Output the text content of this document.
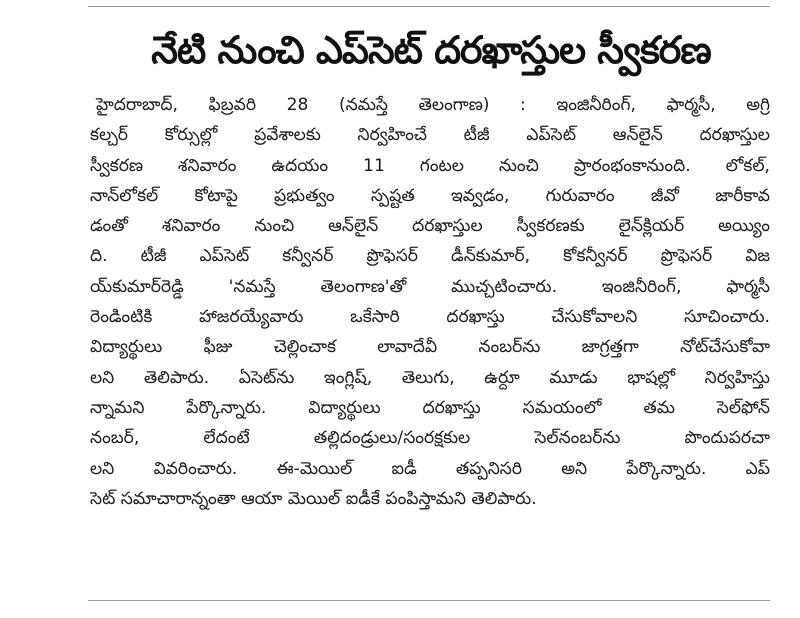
నేటి నుంచి ఎప్‌సెట్ దరఖాస్తుల స్వీకరణ
హైదరాబాద్, ఫిబ్రవరి 28 (నమస్తే తెలంగాణ) : ఇంజినీరింగ్, ఫార్మసీ, అగ్రి
కల్చర్ కోర్సుల్లో ప్రవేశాలకు నిర్వహించే టీజీ ఎప్‌సెట్ ఆన్‌లైన్ దరఖాస్తుల
స్వీకరణ శనివారం ఉదయం 11 గంటల నుంచి ప్రారంభంకానుంది. లోకల్,
నాన్‌లోకల్ కోటాపై ప్రభుత్వం స్పష్టత ఇవ్వడం, గురువారం జీవో జారీకావ
డంతో శనివారం నుంచి ఆన్‌లైన్ దరఖాస్తుల స్వీకరణకు లైన్‌క్లియర్ అయ్యిం
ది. టీజీ ఎప్‌సెట్ కన్వీనర్ ప్రొఫెసర్ డీన్‌కుమార్, కోకన్వీనర్ ప్రొఫెసర్ విజ
య్‌కుమార్‌రెడ్డి 'నమస్తే తెలంగాణ'తో ముచ్చటించారు. ఇంజినీరింగ్, ఫార్మసీ
రెండింటికి హాజరయ్యేవారు ఒకేసారి దరఖాస్తు చేసుకోవాలని సూచించారు.
విద్యార్థులు ఫీజు చెల్లించాక లావాదేవీ నంబర్‌ను జాగ్రత్తగా నోట్‌చేసుకోవా
లని తెలిపారు. ఏసెట్‌ను ఇంగ్లిష్, తెలుగు, ఉర్దూ మూడు భాషల్లో నిర్వహిస్తు
న్నామని పేర్కొన్నారు. విద్యార్థులు దరఖాస్తు సమయంలో తమ సెల్‌ఫోన్
నంబర్, లేదంటే తల్లిదండ్రులు/సంరక్షకుల సెల్‌నంబర్‌ను పొందుపరచా
లని వివరించారు. ఈ-మెయిల్ ఐడీ తప్పనిసరి అని పేర్కొన్నారు. ఎప్
సెట్ సమాచారాన్నంతా ఆయా మెయిల్ ఐడీకే పంపిస్తామని తెలిపారు.
